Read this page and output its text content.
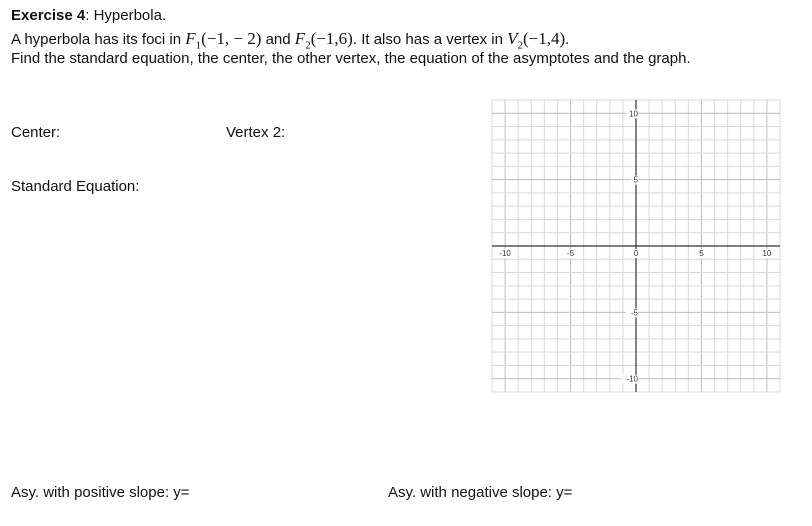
Exercise 4: Hyperbola.
A hyperbola has its foci in $F_1(-1$, − 2) and $F_2(-1,6)$. It also has a vertex in $V_2(-1,4)$.
Find the standard equation, the center, the other vertex, the equation of the asymptotes and the graph.
Center:	Vertex 2:
Standard Equation:
Asy. with positive slope: y=	Asy. with negative slope: y=
-10	-5	0	5	10
10
5
-5
-10
